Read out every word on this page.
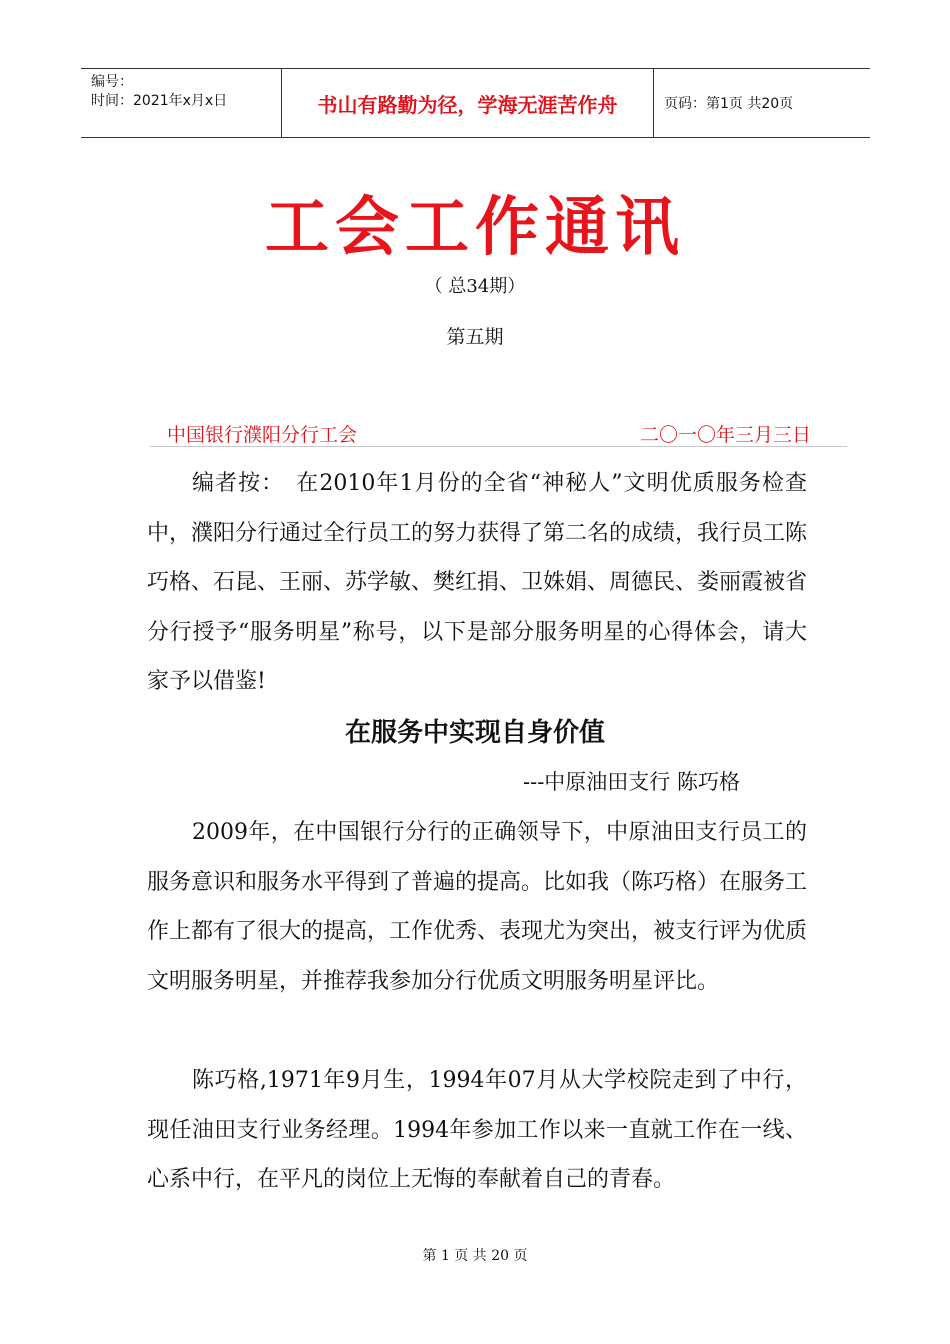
编号：
时间：2021年x月x日	书山有路勤为径，学海无涯苦作舟	页码：第1页 共20页
工会工作通讯
（ 总34期）
第五期
中国银行濮阳分行工会	二〇一〇年三月三日
编者按：　在2010年1月份的全省“神秘人”文明优质服务检查中，濮阳分行通过全行员工的努力获得了第二名的成绩，我行员工陈巧格、石昆、王丽、苏学敏、樊红捐、卫姝娟、周德民、娄丽霞被省分行授予“服务明星”称号，以下是部分服务明星的心得体会，请大家予以借鉴!
在服务中实现自身价值
---中原油田支行 陈巧格
2009年，在中国银行分行的正确领导下，中原油田支行员工的服务意识和服务水平得到了普遍的提高。比如我（陈巧格）在服务工作上都有了很大的提高，工作优秀、表现尤为突出，被支行评为优质文明服务明星，并推荐我参加分行优质文明服务明星评比。
陈巧格,1971年9月生，1994年07月从大学校院走到了中行，现任油田支行业务经理。1994年参加工作以来一直就工作在一线、心系中行，在平凡的岗位上无悔的奉献着自己的青春。
第 1 页 共 20 页
